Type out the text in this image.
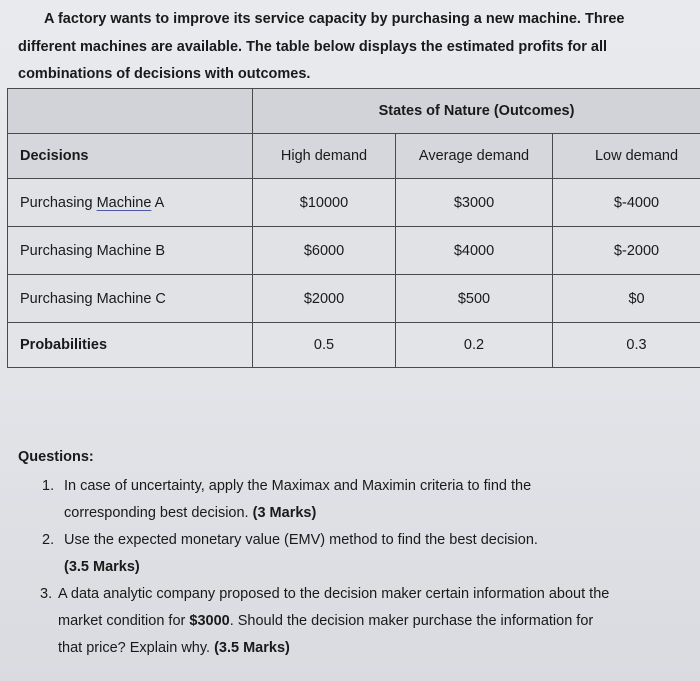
A factory wants to improve its service capacity by purchasing a new machine. Three
different machines are available. The table below displays the estimated profits for all
combinations of decisions with outcomes.
	States of Nature (Outcomes)		
Decisions	High demand	Average demand	Low demand
Purchasing Machine A	$10000	$3000	$-4000
Purchasing Machine B	$6000	$4000	$-2000
Purchasing Machine C	$2000	$500	$0
Probabilities	0.5	0.2	0.3
Questions:
1. In case of uncertainty, apply the Maximax and Maximin criteria to find the
corresponding best decision. (3 Marks)
2. Use the expected monetary value (EMV) method to find the best decision.
(3.5 Marks)
3. A data analytic company proposed to the decision maker certain information about the
market condition for $3000. Should the decision maker purchase the information for
that price? Explain why. (3.5 Marks)
